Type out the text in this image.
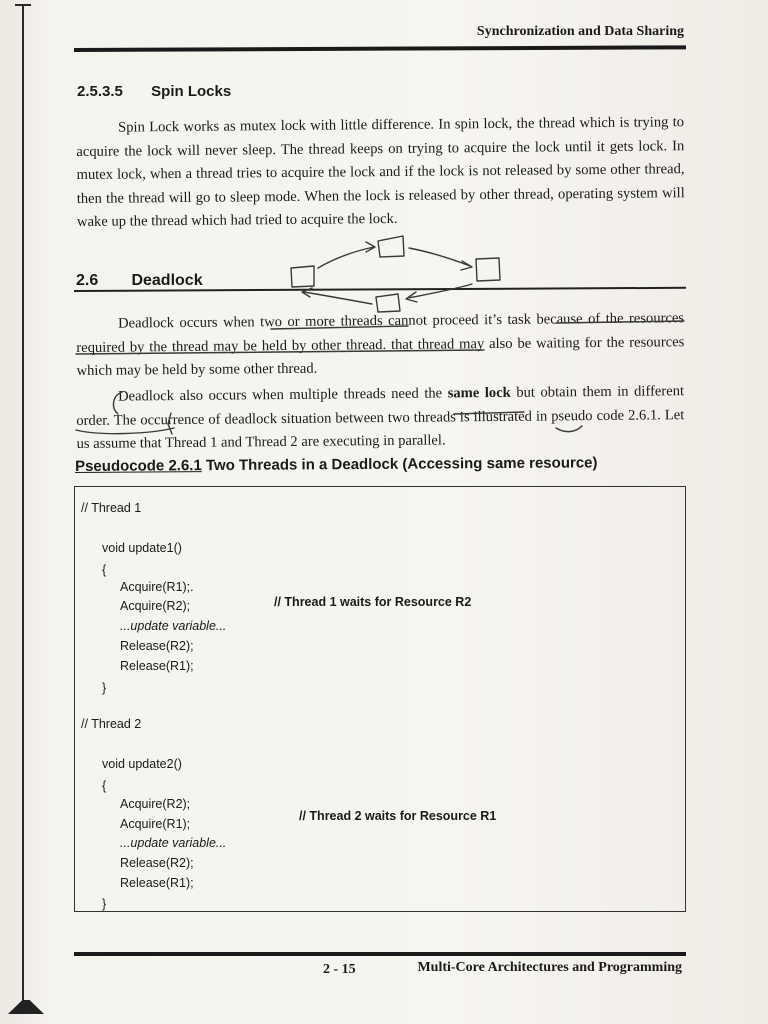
Synchronization and Data Sharing
2.5.3.5 Spin Locks
Spin Lock works as mutex lock with little difference. In spin lock, the thread which is trying to acquire the lock will never sleep. The thread keeps on trying to acquire the lock until it gets lock. In mutex lock, when a thread tries to acquire the lock and if the lock is not released by some other thread, then the thread will go to sleep mode. When the lock is released by other thread, operating system will wake up the thread which had tried to acquire the lock.
2.6 Deadlock
Deadlock occurs when two or more threads cannot proceed it’s task because of the resources required by the thread may be held by other thread. that thread may also be waiting for the resources which may be held by some other thread.
Deadlock also occurs when multiple threads need the same lock but obtain them in different order. The occurrence of deadlock situation between two threads is illustrated in pseudo code 2.6.1. Let us assume that Thread 1 and Thread 2 are executing in parallel.
Pseudocode 2.6.1 Two Threads in a Deadlock (Accessing same resource)
// Thread 1
void update1()
{
Acquire(R1);.
Acquire(R2);
...update variable...
Release(R2);
Release(R1);
// Thread 1 waits for Resource R2
}
// Thread 2
void update2()
{
Acquire(R2);
Acquire(R1);
...update variable...
Release(R2);
Release(R1);
// Thread 2 waits for Resource R1
}
2 - 15	Multi-Core Architectures and Programming
